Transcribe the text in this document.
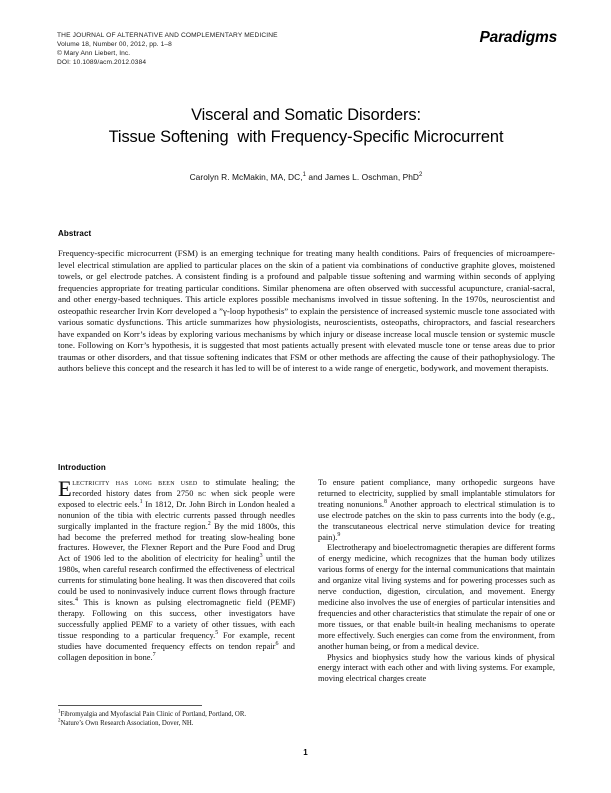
THE JOURNAL OF ALTERNATIVE AND COMPLEMENTARY MEDICINE
Volume 18, Number 00, 2012, pp. 1–8
© Mary Ann Liebert, Inc.
DOI: 10.1089/acm.2012.0384
Paradigms
Visceral and Somatic Disorders:
Tissue Softening  with Frequency-Specific Microcurrent
Carolyn R. McMakin, MA, DC,$^1$ and James L. Oschman, PhD$^2$
Abstract
Frequency-specific microcurrent (FSM) is an emerging technique for treating many health conditions. Pairs of frequencies of microampere-level electrical stimulation are applied to particular places on the skin of a patient via combinations of conductive graphite gloves, moistened towels, or gel electrode patches. A consistent finding is a profound and palpable tissue softening and warming within seconds of applying frequencies appropriate for treating particular conditions. Similar phenomena are often observed with successful acupuncture, cranial-sacral, and other energy-based techniques. This article explores possible mechanisms involved in tissue softening. In the 1970s, neuroscientist and osteopathic researcher Irvin Korr developed a ”γ-loop hypothesis” to explain the persistence of increased systemic muscle tone associated with various somatic dysfunctions. This article summarizes how physiologists, neuroscientists, osteopaths, chiropractors, and fascial researchers have expanded on Korr’s ideas by exploring various mechanisms by which injury or disease increase local muscle tension or systemic muscle tone. Following on Korr’s hypothesis, it is suggested that most patients actually present with elevated muscle tone or tense areas due to prior traumas or other disorders, and that tissue softening indicates that FSM or other methods are affecting the cause of their pathophysiology. The authors believe this concept and the research it has led to will be of interest to a wide range of energetic, bodywork, and movement therapists.
Introduction

Electricity has long been used to stimulate healing; the recorded history dates from 2750 bc when sick people were exposed to electric eels.$^1$ In 1812, Dr. John Birch in London healed a nonunion of the tibia with electric currents passed through needles surgically implanted in the fracture region.$^2$ By the mid 1800s, this had become the preferred method for treating slow-healing bone fractures. However, the Flexner Report and the Pure Food and Drug Act of 1906 led to the abolition of electricity for healing$^3$ until the 1980s, when careful research confirmed the effectiveness of electrical currents for stimulating bone healing. It was then discovered that coils could be used to noninvasively induce current flows through fracture sites.$^4$ This is known as pulsing electromagnetic field (PEMF) therapy. Following on this success, other investigators have successfully applied PEMF to a variety of other tissues, with each tissue responding to a particular frequency.$^5$ For example, recent studies have documented frequency effects on tendon repair$^6$ and collagen deposition in bone.$^7$

To ensure patient compliance, many orthopedic surgeons have returned to electricity, supplied by small implantable stimulators for treating nonunions.$^8$ Another approach to electrical stimulation is to use electrode patches on the skin to pass currents into the body (e.g., the transcutaneous electrical nerve stimulation device for treating pain).$^9$

Electrotherapy and bioelectromagnetic therapies are different forms of energy medicine, which recognizes that the human body utilizes various forms of energy for the internal communications that maintain and organize vital living systems and for powering processes such as nerve conduction, digestion, circulation, and movement. Energy medicine also involves the use of energies of particular intensities and frequencies and other characteristics that stimulate the repair of one or more tissues, or that enable built-in healing mechanisms to operate more effectively. Such energies can come from the environment, from another human being, or from a medical device.

Physics and biophysics study how the various kinds of physical energy interact with each other and with living systems. For example, moving electrical charges create

$^1$Fibromyalgia and Myofascial Pain Clinic of Portland, Portland, OR.
$^2$Nature’s Own Research Association, Dover, NH.
1
